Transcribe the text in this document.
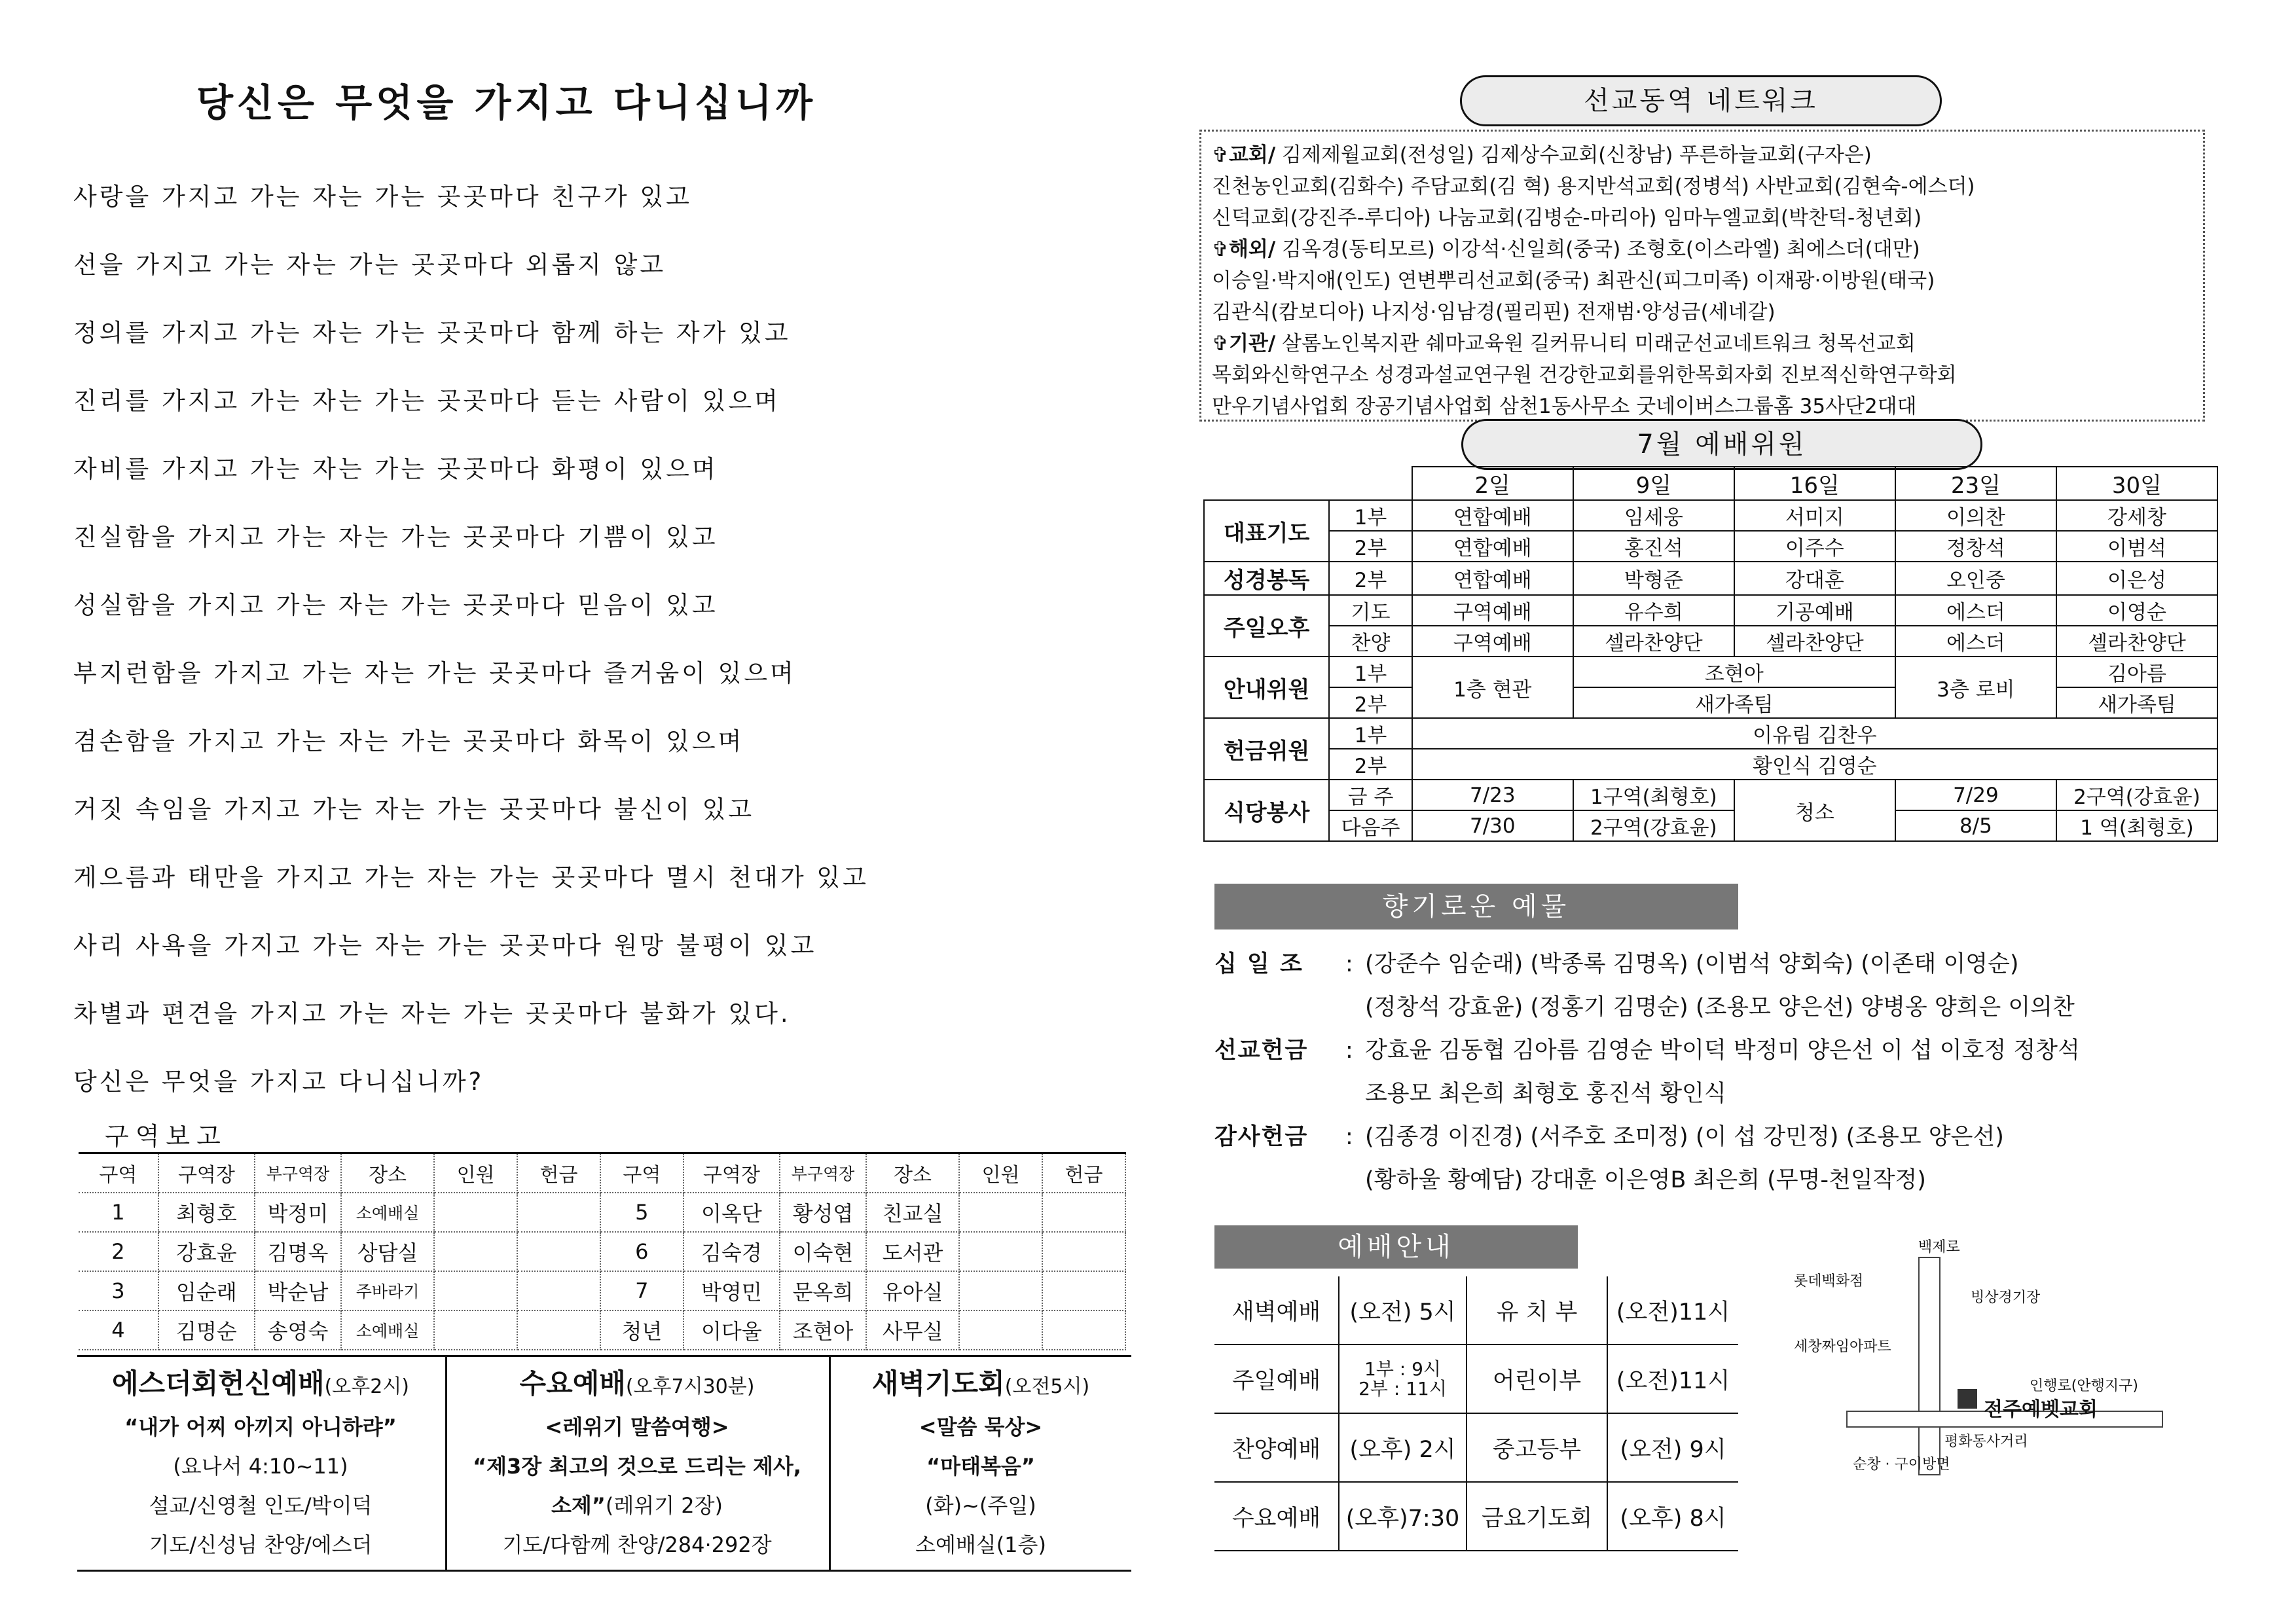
당신은 무엇을 가지고 다니십니까
사랑을 가지고 가는 자는 가는 곳곳마다 친구가 있고
선을 가지고 가는 자는 가는 곳곳마다 외롭지 않고
정의를 가지고 가는 자는 가는 곳곳마다 함께 하는 자가 있고
진리를 가지고 가는 자는 가는 곳곳마다 듣는 사람이 있으며
자비를 가지고 가는 자는 가는 곳곳마다 화평이 있으며
진실함을 가지고 가는 자는 가는 곳곳마다 기쁨이 있고
성실함을 가지고 가는 자는 가는 곳곳마다 믿음이 있고
부지런함을 가지고 가는 자는 가는 곳곳마다 즐거움이 있으며
겸손함을 가지고 가는 자는 가는 곳곳마다 화목이 있으며
거짓 속임을 가지고 가는 자는 가는 곳곳마다 불신이 있고
게으름과 태만을 가지고 가는 자는 가는 곳곳마다 멸시 천대가 있고
사리 사욕을 가지고 가는 자는 가는 곳곳마다 원망 불평이 있고
차별과 편견을 가지고 가는 자는 가는 곳곳마다 불화가 있다.
당신은 무엇을 가지고 다니십니까?
구역보고
구역	구역장	부구역장	장소	인원	헌금	구역	구역장	부구역장	장소	인원	헌금
1	최형호	박정미	소예배실			5	이옥단	황성엽	친교실		
2	강효윤	김명옥	상담실			6	김숙경	이숙현	도서관		
3	임순래	박순남	주바라기			7	박영민	문옥희	유아실		
4	김명순	송영숙	소예배실			청년	이다울	조현아	사무실		
에스더회헌신예배(오후2시)
“내가 어찌 아끼지 아니하랴”
(요나서 4:10~11)
설교/신영철 인도/박이덕
기도/신성님 찬양/에스더
수요예배(오후7시30분)
<레위기 말씀여행>
“제3장 최고의 것으로 드리는 제사,
소제”(레위기 2장)
기도/다함께 찬양/284·292장
새벽기도회(오전5시)
<말씀 묵상>
“마태복음”
(화)~(주일)
소예배실(1층)
선교동역 네트워크
✞교회/ 김제제월교회(전성일) 김제상수교회(신창남) 푸른하늘교회(구자은)
진천농인교회(김화수) 주담교회(김 혁) 용지반석교회(정병석) 사반교회(김현숙-에스더)
신덕교회(강진주-루디아) 나눔교회(김병순-마리아) 임마누엘교회(박찬덕-청년회)
✞해외/ 김옥경(동티모르) 이강석·신일희(중국) 조형호(이스라엘) 최에스더(대만)
이승일·박지애(인도) 연변뿌리선교회(중국) 최관신(피그미족) 이재광·이방원(태국)
김관식(캄보디아) 나지성·임남경(필리핀) 전재범·양성금(세네갈)
✞기관/ 살롬노인복지관 쉐마교육원 길커뮤니티 미래군선교네트워크 청목선교회
목회와신학연구소 성경과설교연구원 건강한교회를위한목회자회 진보적신학연구학회
만우기념사업회 장공기념사업회 삼천1동사무소 굿네이버스그룹홈 35사단2대대
7월 예배위원
		2일	9일	16일	23일	30일
대표기도	1부	연합예배	임세웅	서미지	이의찬	강세창
	2부	연합예배	홍진석	이주수	정창석	이범석
성경봉독	2부	연합예배	박형준	강대훈	오인중	이은성
주일오후	기도	구역예배	유수희	기공예배	에스더	이영순
	찬양	구역예배	셀라찬양단	셀라찬양단	에스더	셀라찬양단
안내위원	1부	1층 현관	조현아		3층 로비	김아름
	2부		새가족팀			새가족팀
헌금위원	1부	이유림 김찬우				
	2부	황인식 김영순				
식당봉사	금 주	7/23	1구역(최형호)	청소	7/29	2구역(강효윤)
	다음주	7/30	2구역(강효윤)		8/5	1 역(최형호)
향기로운 예물
십 일 조	: (강준수 임순래) (박종록 김명옥) (이범석 양회숙) (이존태 이영순)
(정창석 강효윤) (정홍기 김명순) (조용모 양은선) 양병옹 양희은 이의찬
선교헌금	: 강효윤 김동협 김아름 김영순 박이덕 박정미 양은선 이 섭 이호정 정창석
조용모 최은희 최형호 홍진석 황인식
감사헌금	: (김종경 이진경) (서주호 조미정) (이 섭 강민정) (조용모 양은선)
(황하울 황예담) 강대훈 이은영B 최은희 (무명-천일작정)
예배안내
새벽예배	(오전) 5시	유 치 부	(오전)11시
주일예배	1부 : 9시
2부 : 11시	어린이부	(오전)11시
찬양예배	(오후) 2시	중고등부	(오전) 9시
수요예배	(오후)7:30	금요기도회	(오후) 8시
백제로
롯데백화점
빙상경기장
세창짜임아파트
인행로(안행지구)
전주예벳교회
평화동사거리
순창 · 구이방면
